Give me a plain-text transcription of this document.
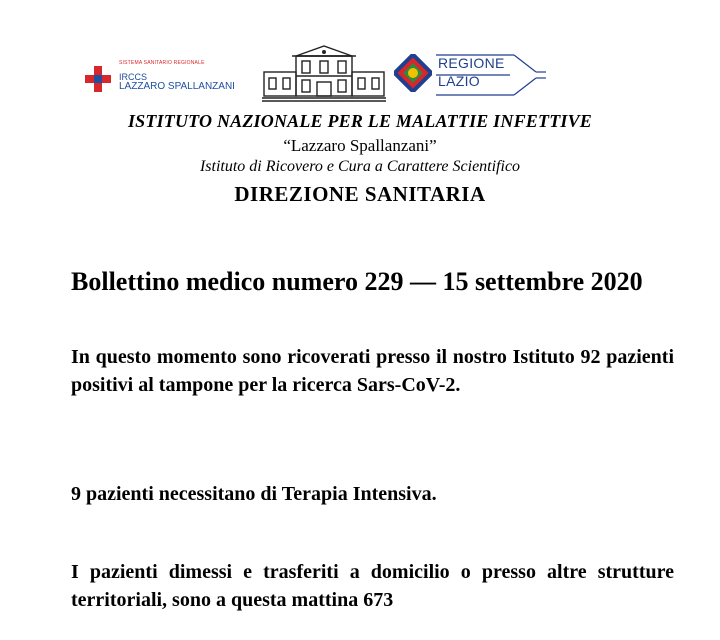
SISTEMA SANITARIO REGIONALE
IRCCS
LAZZARO SPALLANZANI
REGIONE
LAZIO
ISTITUTO NAZIONALE PER LE MALATTIE INFETTIVE
“Lazzaro Spallanzani”
Istituto di Ricovero e Cura a Carattere Scientifico
DIREZIONE SANITARIA
Bollettino medico numero 229 — 15 settembre 2020
In questo momento sono ricoverati presso il nostro Istituto 92 pazienti positivi al tampone per la ricerca Sars-CoV-2.
9 pazienti necessitano di Terapia Intensiva.
I pazienti dimessi e trasferiti a domicilio o presso altre strutture territoriali, sono a questa mattina 673
